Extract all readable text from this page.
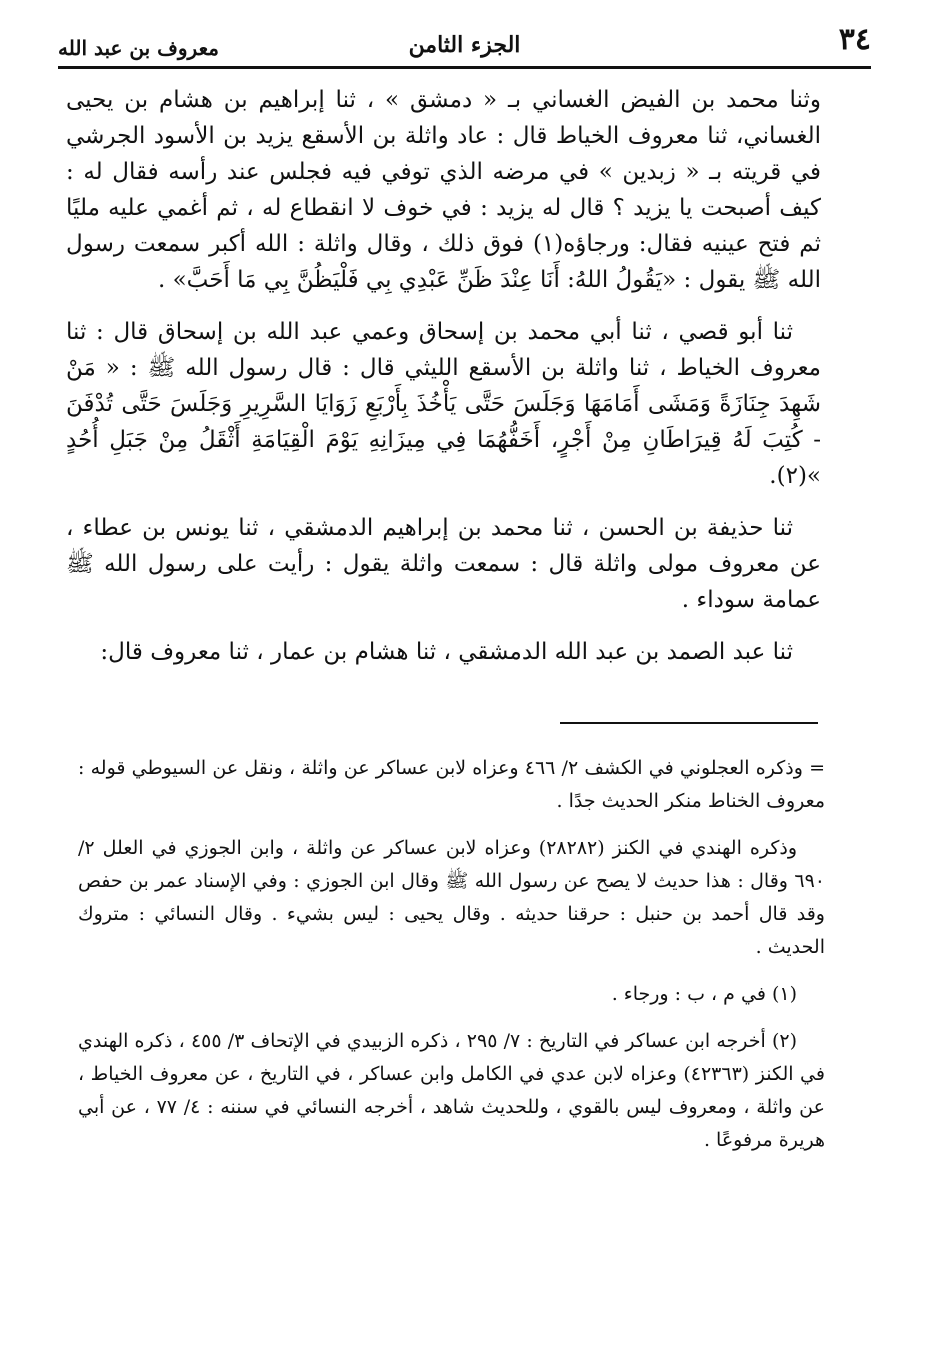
٣٤
الجزء الثامن
معروف بن عبد الله

وثنا محمد بن الفيض الغساني بـ « دمشق » ، ثنا إبراهيم بن هشام بن يحيى الغساني، ثنا معروف الخياط قال : عاد واثلة بن الأسقع يزيد بن الأسود الجرشي في قريته بـ « زبدين » في مرضه الذي توفي فيه فجلس عند رأسه فقال له : كيف أصبحت يا يزيد ؟ قال له يزيد : في خوف لا انقطاع له ، ثم أغمي عليه مليًا ثم فتح عينيه فقال: ورجاؤه(١) فوق ذلك ، وقال واثلة : الله أكبر سمعت رسول الله ﷺ يقول : «يَقُولُ اللهُ: أَنَا عِنْدَ ظَنِّ عَبْدِي بِي فَلْيَظُنَّ بِي مَا أَحَبَّ» .

ثنا أبو قصي ، ثنا أبي محمد بن إسحاق وعمي عبد الله بن إسحاق قال : ثنا معروف الخياط ، ثنا واثلة بن الأسقع الليثي قال : قال رسول الله ﷺ : « مَنْ شَهِدَ جِنَازَةً وَمَشَى أَمَامَهَا وَجَلَسَ حَتَّى يَأْخُذَ بِأَرْبَعِ زَوَايَا السَّرِيرِ وَجَلَسَ حَتَّى تُدْفَنَ - كُتِبَ لَهُ قِيرَاطَانِ مِنْ أَجْرٍ، أَخَفُّهُمَا فِي مِيزَانِهِ يَوْمَ الْقِيَامَةِ أَثْقَلُ مِنْ جَبَلِ أُحُدٍ »(٢).

ثنا حذيفة بن الحسن ، ثنا محمد بن إبراهيم الدمشقي ، ثنا يونس بن عطاء ، عن معروف مولى واثلة قال : سمعت واثلة يقول : رأيت على رسول الله ﷺ عمامة سوداء .

ثنا عبد الصمد بن عبد الله الدمشقي ، ثنا هشام بن عمار ، ثنا معروف قال:

= وذكره العجلوني في الكشف ٢/ ٤٦٦ وعزاه لابن عساكر عن واثلة ، ونقل عن السيوطي قوله : معروف الخناط منكر الحديث جدًا .

وذكره الهندي في الكنز (٢٨٢٨٢) وعزاه لابن عساكر عن واثلة ، وابن الجوزي في العلل ٢/ ٦٩٠ وقال : هذا حديث لا يصح عن رسول الله ﷺ وقال ابن الجوزي : وفي الإسناد عمر بن حفص وقد قال أحمد بن حنبل : حرقنا حديثه . وقال يحيى : ليس بشيء . وقال النسائي : متروك الحديث .

(١) في م ، ب : ورجاء .

(٢) أخرجه ابن عساكر في التاريخ : ٧/ ٢٩٥ ، ذكره الزبيدي في الإتحاف ٣/ ٤٥٥ ، ذكره الهندي في الكنز (٤٢٣٦٣) وعزاه لابن عدي في الكامل وابن عساكر ، في التاريخ ، عن معروف الخياط ، عن واثلة ، ومعروف ليس بالقوي ، وللحديث شاهد ، أخرجه النسائي في سننه : ٤/ ٧٧ ، عن أبي هريرة مرفوعًا .
